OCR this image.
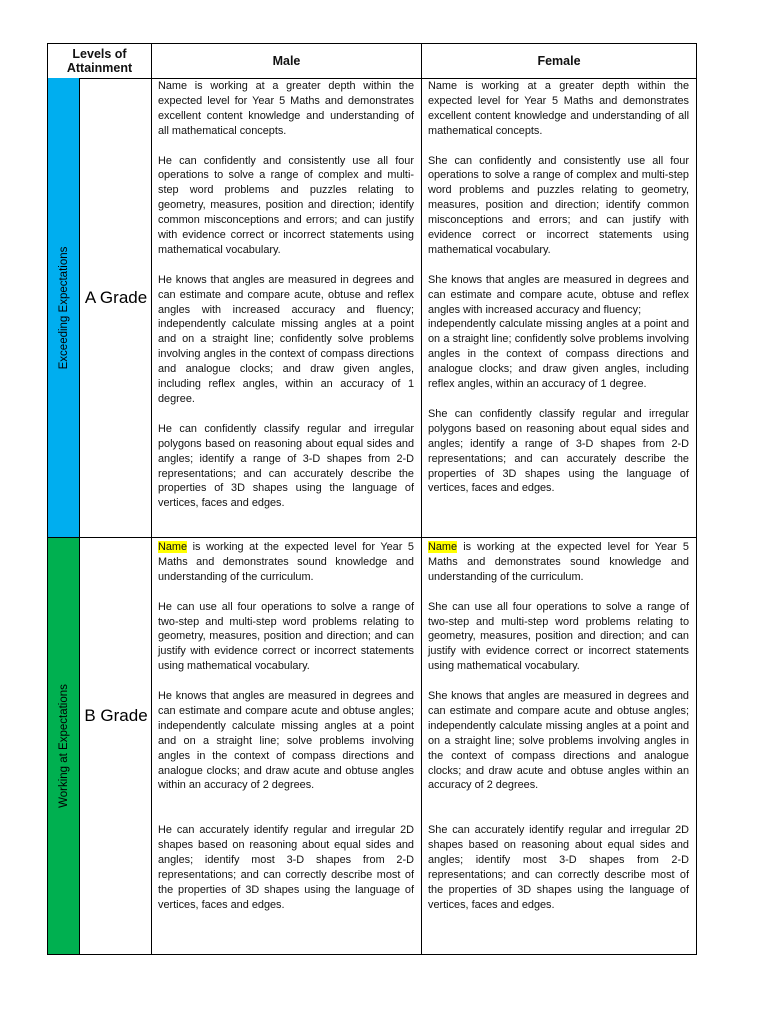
Levels of Attainment	Male	Female
Exceeding Expectations
Working at Expectations
A Grade
B Grade

Name is working at a greater depth within the expected level for Year 5 Maths and demonstrates excellent content knowledge and understanding of all mathematical concepts.

He can confidently and consistently use all four operations to solve a range of complex and multi-step word problems and puzzles relating to geometry, measures, position and direction; identify common misconceptions and errors; and can justify with evidence correct or incorrect statements using mathematical vocabulary.

He knows that angles are measured in degrees and can estimate and compare acute, obtuse and reflex angles with increased accuracy and fluency; independently calculate missing angles at a point and on a straight line; confidently solve problems involving angles in the context of compass directions and analogue clocks; and draw given angles, including reflex angles, within an accuracy of 1 degree.

He can confidently classify regular and irregular polygons based on reasoning about equal sides and angles; identify a range of 3-D shapes from 2-D representations; and can accurately describe the properties of 3D shapes using the language of vertices, faces and edges.

Name is working at a greater depth within the expected level for Year 5 Maths and demonstrates excellent content knowledge and understanding of all mathematical concepts.

She can confidently and consistently use all four operations to solve a range of complex and multi-step word problems and puzzles relating to geometry, measures, position and direction; identify common misconceptions and errors; and can justify with evidence correct or incorrect statements using mathematical vocabulary.

She knows that angles are measured in degrees and can estimate and compare acute, obtuse and reflex angles with increased accuracy and fluency;

independently calculate missing angles at a point and on a straight line; confidently solve problems involving angles in the context of compass directions and analogue clocks; and draw given angles, including reflex angles, within an accuracy of 1 degree.

She can confidently classify regular and irregular polygons based on reasoning about equal sides and angles; identify a range of 3-D shapes from 2-D representations; and can accurately describe the properties of 3D shapes using the language of vertices, faces and edges.

Name is working at the expected level for Year 5 Maths and demonstrates sound knowledge and understanding of the curriculum.

He can use all four operations to solve a range of two-step and multi-step word problems relating to geometry, measures, position and direction; and can justify with evidence correct or incorrect statements using mathematical vocabulary.

He knows that angles are measured in degrees and can estimate and compare acute and obtuse angles; independently calculate missing angles at a point and on a straight line; solve problems involving angles in the context of compass directions and analogue clocks; and draw acute and obtuse angles within an accuracy of 2 degrees.

He can accurately identify regular and irregular 2D shapes based on reasoning about equal sides and angles; identify most 3-D shapes from 2-D representations; and can correctly describe most of the properties of 3D shapes using the language of vertices, faces and edges.

Name is working at the expected level for Year 5 Maths and demonstrates sound knowledge and understanding of the curriculum.

She can use all four operations to solve a range of two-step and multi-step word problems relating to geometry, measures, position and direction; and can justify with evidence correct or incorrect statements using mathematical vocabulary.

She knows that angles are measured in degrees and can estimate and compare acute and obtuse angles; independently calculate missing angles at a point and on a straight line; solve problems involving angles in the context of compass directions and analogue clocks; and draw acute and obtuse angles within an accuracy of 2 degrees.

She can accurately identify regular and irregular 2D shapes based on reasoning about equal sides and angles; identify most 3-D shapes from 2-D representations; and can correctly describe most of the properties of 3D shapes using the language of vertices, faces and edges.
